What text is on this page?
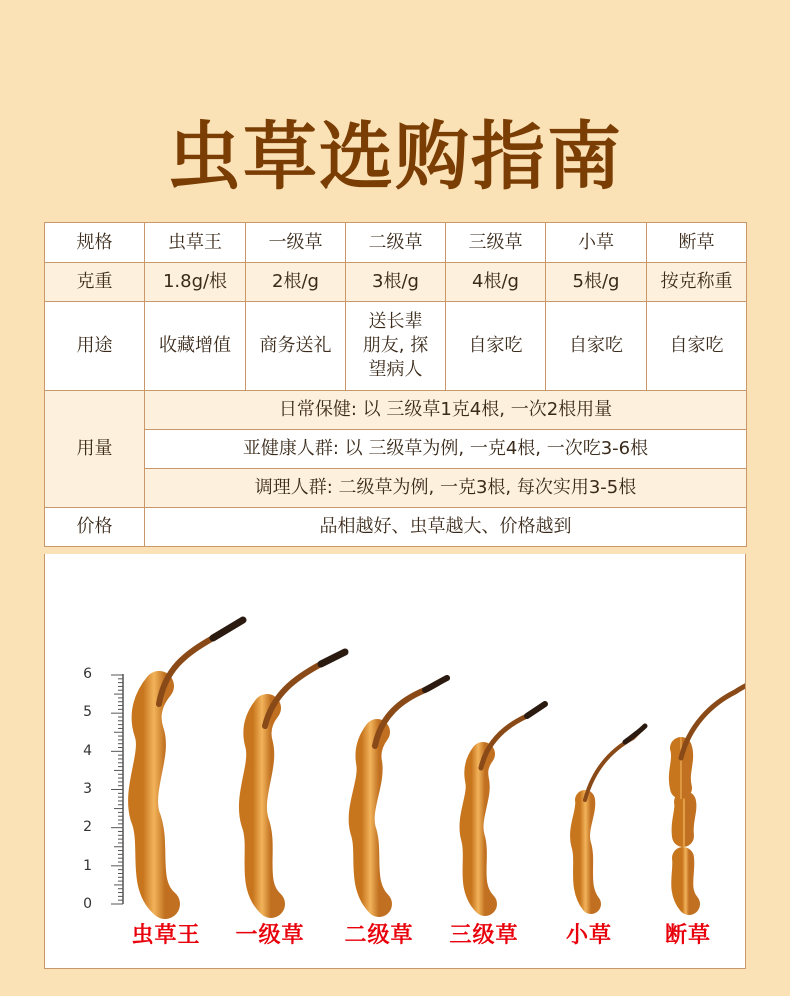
虫草选购指南
规格	虫草王	一级草	二级草	三级草	小草	断草
克重	1.8g/根	2根/g	3根/g	4根/g	5根/g	按克称重
用途	收藏增值	商务送礼	送长辈朋友, 探望病人	自家吃	自家吃	自家吃
用量	日常保健: 以 三级草1克4根, 一次2根用量					
	亚健康人群: 以 三级草为例, 一克4根, 一次吃3-6根					
	调理人群: 二级草为例, 一克3根, 每次实用3-5根					
价格	品相越好、虫草越大、价格越到					
6
5
4
3
2
1
0
虫草王	一级草	二级草	三级草	小草	断草
